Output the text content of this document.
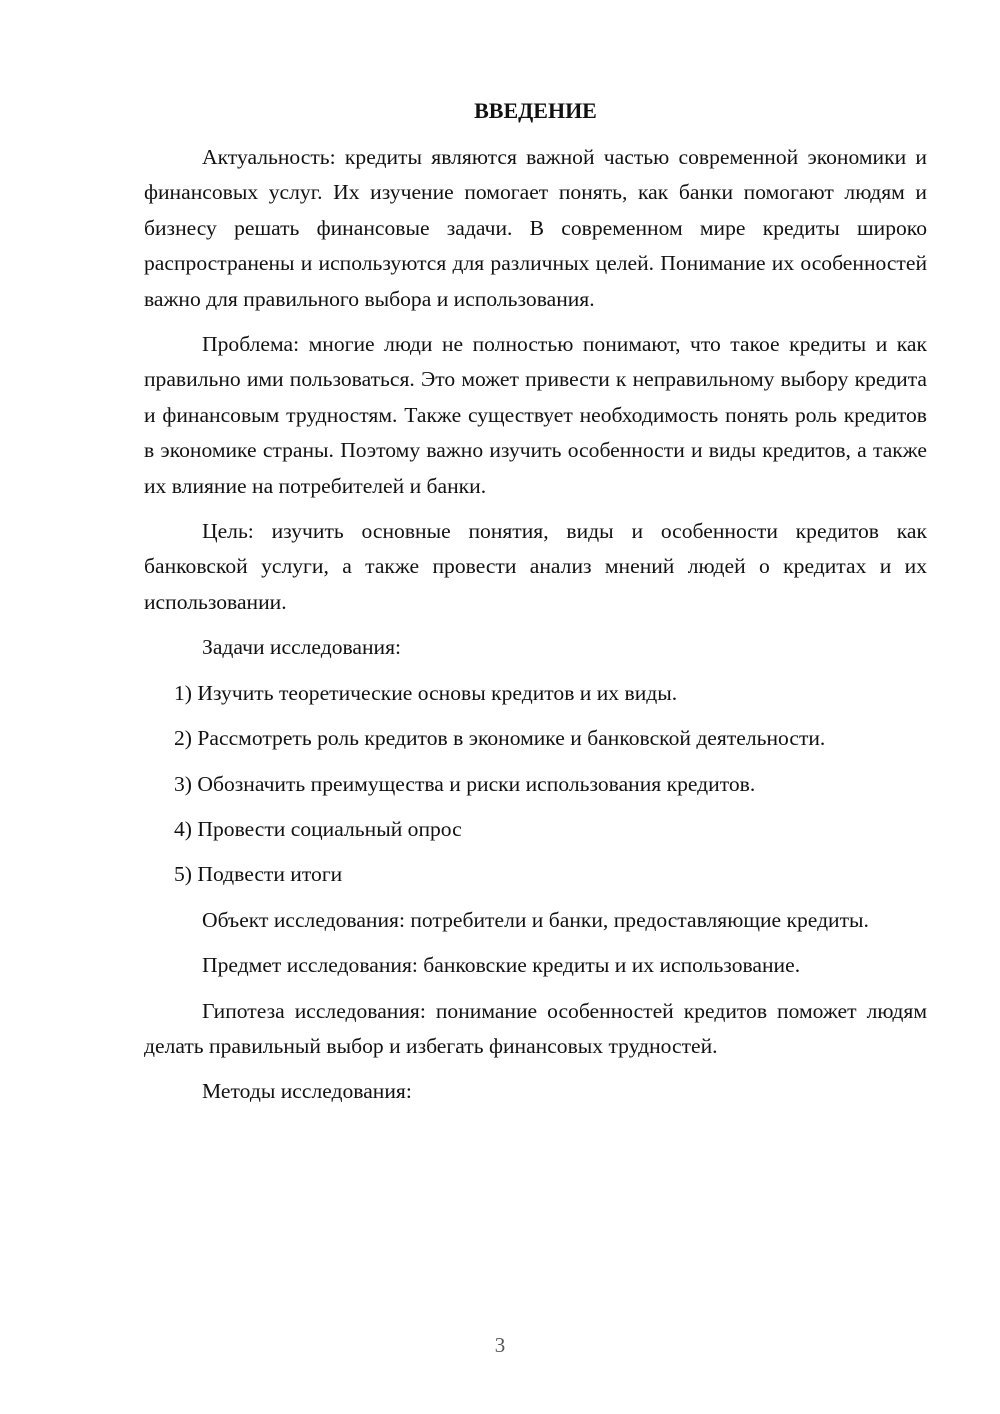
ВВЕДЕНИЕ

Актуальность: кредиты являются важной частью современной экономики и финансовых услуг. Их изучение помогает понять, как банки помогают людям и бизнесу решать финансовые задачи. В современном мире кредиты широко распространены и используются для различных целей. Понимание их особенностей важно для правильного выбора и использования.

Проблема: многие люди не полностью понимают, что такое кредиты и как правильно ими пользоваться. Это может привести к неправильному выбору кредита и финансовым трудностям. Также существует необходимость понять роль кредитов в экономике страны. Поэтому важно изучить особенности и виды кредитов, а также их влияние на потребителей и банки.

Цель: изучить основные понятия, виды и особенности кредитов как банковской услуги, а также провести анализ мнений людей о кредитах и их использовании.

Задачи исследования:

1) Изучить теоретические основы кредитов и их виды.

2) Рассмотреть роль кредитов в экономике и банковской деятельности.

3) Обозначить преимущества и риски использования кредитов.

4) Провести социальный опрос

5) Подвести итоги

Объект исследования: потребители и банки, предоставляющие кредиты.

Предмет исследования: банковские кредиты и их использование.

Гипотеза исследования: понимание особенностей кредитов поможет людям делать правильный выбор и избегать финансовых трудностей.

Методы исследования:

3
